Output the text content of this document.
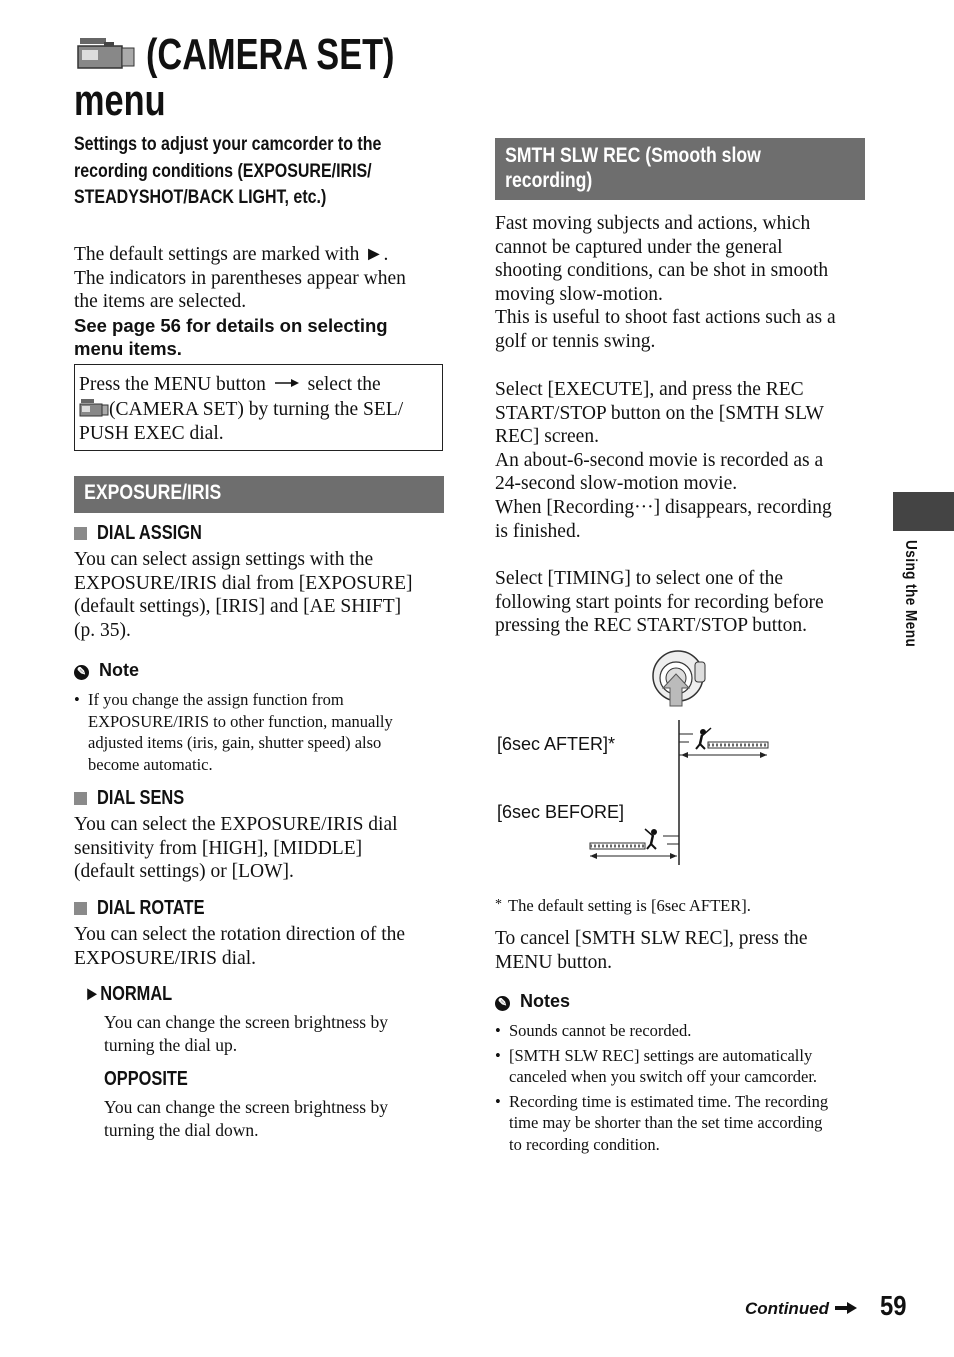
(CAMERA SET)
menu
Settings to adjust your camcorder to the
recording conditions (EXPOSURE/IRIS/
STEADYSHOT/BACK LIGHT, etc.)
The default settings are marked with ►.
The indicators in parentheses appear when
the items are selected.
See page 56 for details on selecting
menu items.
Press the MENU button select the
(CAMERA SET) by turning the SEL/
PUSH EXEC dial.
EXPOSURE/IRIS
DIAL ASSIGN
You can select assign settings with the
EXPOSURE/IRIS dial from [EXPOSURE]
(default settings), [IRIS] and [AE SHIFT]
(p. 35).
✎ Note
• If you change the assign function from
EXPOSURE/IRIS to other function, manually
adjusted items (iris, gain, shutter speed) also
become automatic.
DIAL SENS
You can select the EXPOSURE/IRIS dial
sensitivity from [HIGH], [MIDDLE]
(default settings) or [LOW].
DIAL ROTATE
You can select the rotation direction of the
EXPOSURE/IRIS dial.
►NORMAL
You can change the screen brightness by
turning the dial up.
OPPOSITE
You can change the screen brightness by
turning the dial down.
SMTH SLW REC (Smooth slow
recording)
Fast moving subjects and actions, which
cannot be captured under the general
shooting conditions, can be shot in smooth
moving slow-motion.
This is useful to shoot fast actions such as a
golf or tennis swing.
Select [EXECUTE], and press the REC
START/STOP button on the [SMTH SLW
REC] screen.
An about-6-second movie is recorded as a
24-second slow-motion movie.
When [Recording···] disappears, recording
is finished.
Select [TIMING] to select one of the
following start points for recording before
pressing the REC START/STOP button.
[6sec AFTER]*
[6sec BEFORE]
* The default setting is [6sec AFTER].
To cancel [SMTH SLW REC], press the
MENU button.
✎ Notes
• Sounds cannot be recorded.
• [SMTH SLW REC] settings are automatically
canceled when you switch off your camcorder.
• Recording time is estimated time. The recording
time may be shorter than the set time according
to recording condition.
Using the Menu
Continued	59
